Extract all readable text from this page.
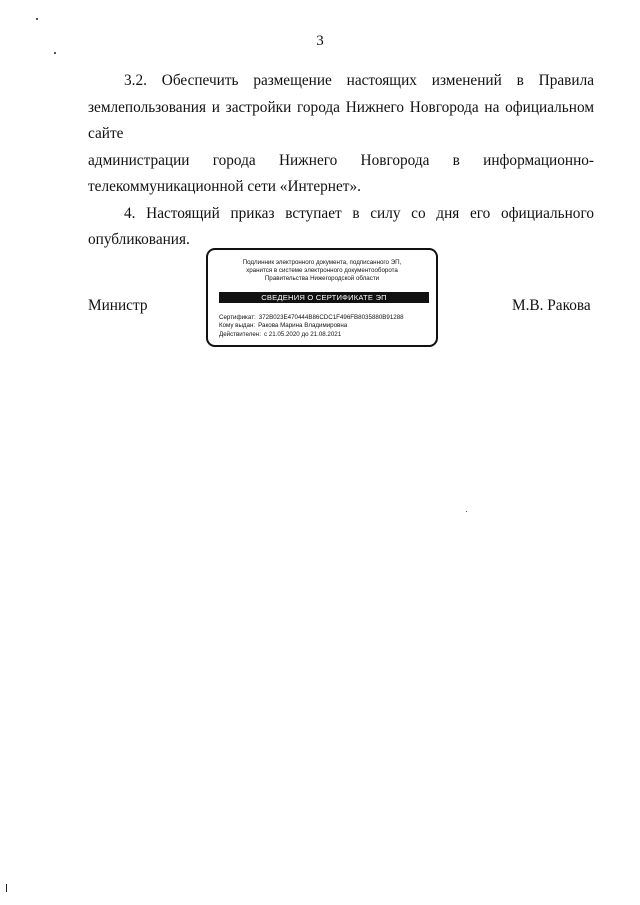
3

3.2. Обеспечить размещение настоящих изменений в Правила
землепользования и застройки города Нижнего Новгорода на официальном сайте
администрации города Нижнего Новгорода в информационно-
телекоммуникационной сети «Интернет».

4. Настоящий приказ вступает в силу со дня его официального
опубликования.

Министр
Подлинник электронного документа, подписанного ЭП,
хранится в системе электронного документооборота
Правительства Нижегородской области
СВЕДЕНИЯ О СЕРТИФИКАТЕ ЭП
Сертификат: 372B023E470444B86CDC1F496FB8035880B91288
Кому выдан: Ракова Марина Владимировна
Действителен: с 21.05.2020 до 21.08.2021
М.В. Ракова
